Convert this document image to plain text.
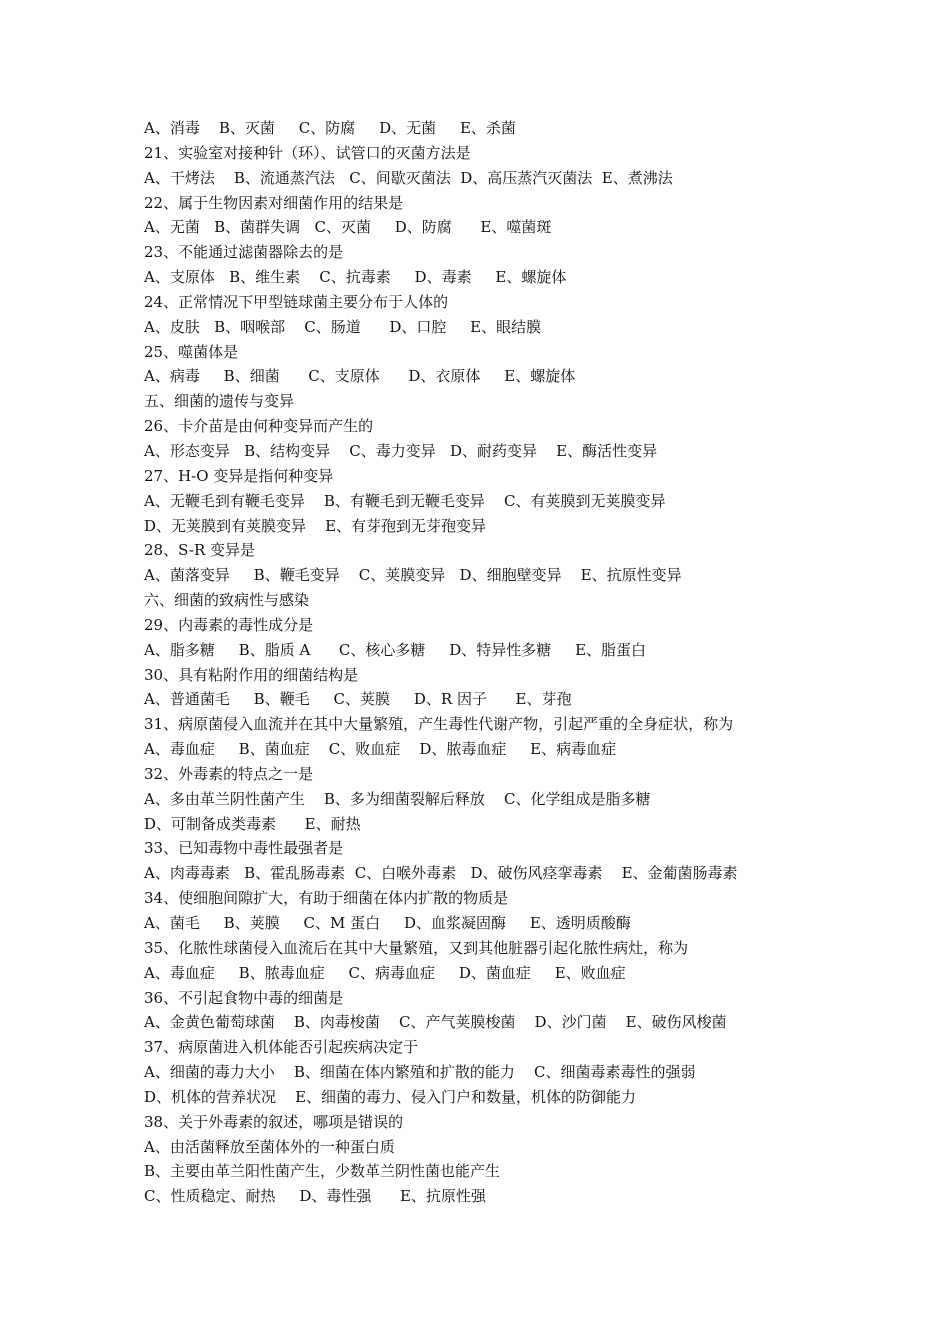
A、消毒    B、灭菌     C、防腐     D、无菌     E、杀菌
21、实验室对接种针（环）、试管口的灭菌方法是
A、干烤法    B、流通蒸汽法   C、间歇灭菌法  D、高压蒸汽灭菌法  E、煮沸法
22、属于生物因素对细菌作用的结果是
A、无菌   B、菌群失调   C、灭菌     D、防腐      E、噬菌斑
23、不能通过滤菌器除去的是
A、支原体   B、维生素    C、抗毒素     D、毒素     E、螺旋体
24、正常情况下甲型链球菌主要分布于人体的
A、皮肤   B、咽喉部    C、肠道      D、口腔     E、眼结膜
25、噬菌体是
A、病毒     B、细菌      C、支原体      D、衣原体     E、螺旋体
五、细菌的遗传与变异
26、卡介苗是由何种变异而产生的
A、形态变异   B、结构变异    C、毒力变异   D、耐药变异    E、酶活性变异
27、H-O 变异是指何种变异
A、无鞭毛到有鞭毛变异    B、有鞭毛到无鞭毛变异    C、有荚膜到无荚膜变异
D、无荚膜到有荚膜变异    E、有芽孢到无芽孢变异
28、S-R 变异是
A、菌落变异     B、鞭毛变异    C、荚膜变异   D、细胞壁变异    E、抗原性变异
六、细菌的致病性与感染
29、内毒素的毒性成分是
A、脂多糖     B、脂质 A      C、核心多糖     D、特异性多糖     E、脂蛋白
30、具有粘附作用的细菌结构是
A、普通菌毛     B、鞭毛     C、荚膜     D、R 因子      E、芽孢
31、病原菌侵入血流并在其中大量繁殖，产生毒性代谢产物，引起严重的全身症状，称为
A、毒血症     B、菌血症    C、败血症    D、脓毒血症     E、病毒血症
32、外毒素的特点之一是
A、多由革兰阴性菌产生    B、多为细菌裂解后释放    C、化学组成是脂多糖
D、可制备成类毒素      E、耐热
33、已知毒物中毒性最强者是
A、肉毒毒素   B、霍乱肠毒素  C、白喉外毒素   D、破伤风痉挛毒素    E、金葡菌肠毒素
34、使细胞间隙扩大，有助于细菌在体内扩散的物质是
A、菌毛     B、荚膜     C、M 蛋白     D、血浆凝固酶     E、透明质酸酶
35、化脓性球菌侵入血流后在其中大量繁殖，又到其他脏器引起化脓性病灶，称为
A、毒血症     B、脓毒血症     C、病毒血症     D、菌血症     E、败血症
36、不引起食物中毒的细菌是
A、金黄色葡萄球菌    B、肉毒梭菌    C、产气荚膜梭菌    D、沙门菌    E、破伤风梭菌
37、病原菌进入机体能否引起疾病决定于
A、细菌的毒力大小    B、细菌在体内繁殖和扩散的能力    C、细菌毒素毒性的强弱
D、机体的营养状况    E、细菌的毒力、侵入门户和数量，机体的防御能力
38、关于外毒素的叙述，哪项是错误的
A、由活菌释放至菌体外的一种蛋白质
B、主要由革兰阳性菌产生，少数革兰阴性菌也能产生
C、性质稳定、耐热     D、毒性强      E、抗原性强
